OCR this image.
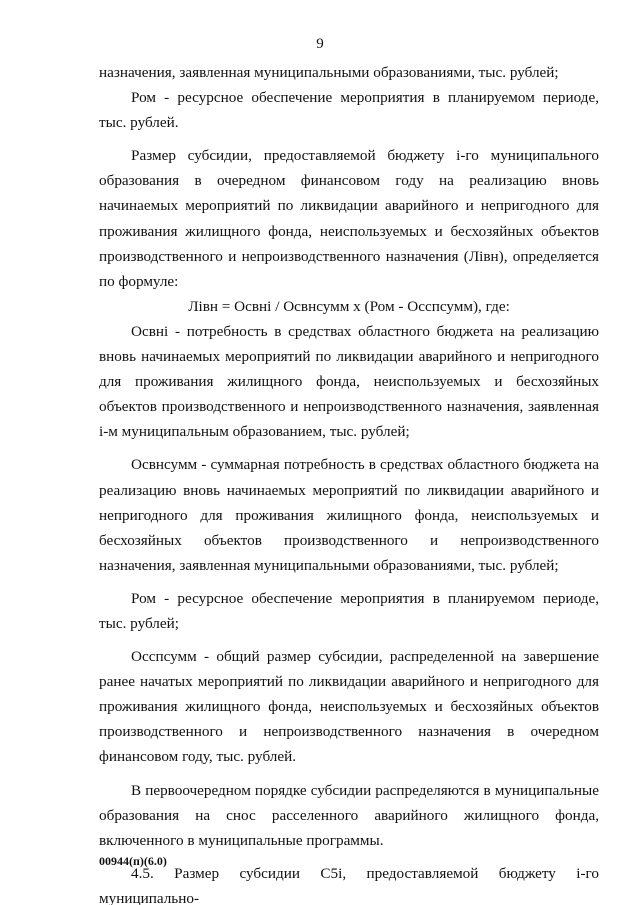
9

назначения, заявленная муниципальными образованиями, тыс. рублей;

Ром - ресурсное обеспечение мероприятия в планируемом периоде, тыс. рублей.

Размер субсидии, предоставляемой бюджету i-го муниципального образования в очередном финансовом году на реализацию вновь начинаемых мероприятий по ликвидации аварийного и непригодного для проживания жилищного фонда, неиспользуемых и бесхозяйных объектов производственного и непроизводственного назначения (Лівн), определяется по формуле:

Лівн = Освні / Освнсумм х (Ром - Осспсумм), где:

Освні - потребность в средствах областного бюджета на реализацию вновь начинаемых мероприятий по ликвидации аварийного и непригодного для проживания жилищного фонда, неиспользуемых и бесхозяйных объектов производственного и непроизводственного назначения, заявленная i-м муниципальным образованием, тыс. рублей;

Освнсумм - суммарная потребность в средствах областного бюджета на реализацию вновь начинаемых мероприятий по ликвидации аварийного и непригодного для проживания жилищного фонда, неиспользуемых и бесхозяйных объектов производственного и непроизводственного назначения, заявленная муниципальными образованиями, тыс. рублей;

Ром - ресурсное обеспечение мероприятия в планируемом периоде, тыс. рублей;

Осспсумм - общий размер субсидии, распределенной на завершение ранее начатых мероприятий по ликвидации аварийного и непригодного для проживания жилищного фонда, неиспользуемых и бесхозяйных объектов производственного и непроизводственного назначения в очередном финансовом году, тыс. рублей.

В первоочередном порядке субсидии распределяются в муниципальные образования на снос расселенного аварийного жилищного фонда, включенного в муниципальные программы.

4.5. Размер субсидии С5і, предоставляемой бюджету i-го муниципально-

00944(п)(6.0)
